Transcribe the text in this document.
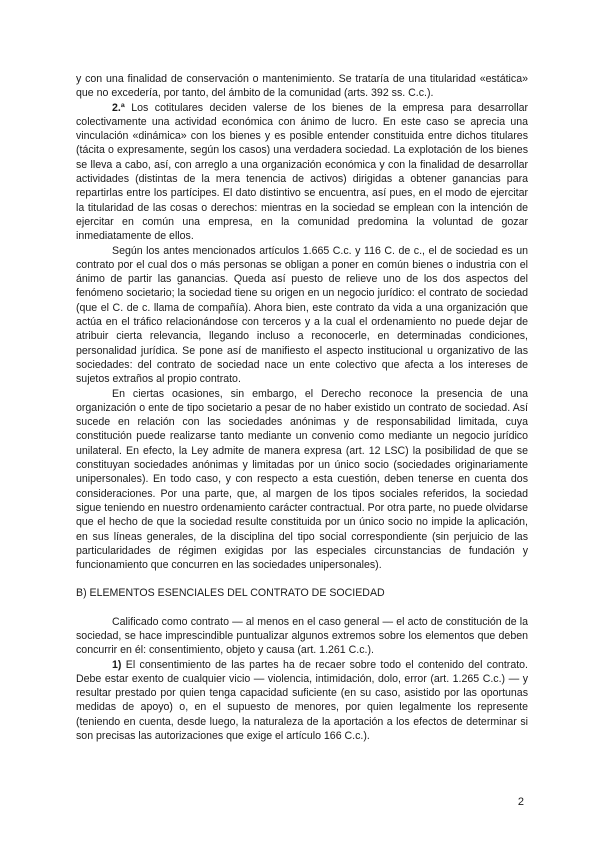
y con una finalidad de conservación o mantenimiento. Se trataría de una titularidad «estática» que no excedería, por tanto, del ámbito de la comunidad (arts. 392 ss. C.c.).

2.ª Los cotitulares deciden valerse de los bienes de la empresa para desarrollar colectivamente una actividad económica con ánimo de lucro. En este caso se aprecia una vinculación «dinámica» con los bienes y es posible entender constituida entre dichos titulares (tácita o expresamente, según los casos) una verdadera sociedad. La explotación de los bienes se lleva a cabo, así, con arreglo a una organización económica y con la finalidad de desarrollar actividades (distintas de la mera tenencia de activos) dirigidas a obtener ganancias para repartirlas entre los partícipes. El dato distintivo se encuentra, así pues, en el modo de ejercitar la titularidad de las cosas o derechos: mientras en la sociedad se emplean con la intención de ejercitar en común una empresa, en la comunidad predomina la voluntad de gozar inmediatamente de ellos.

Según los antes mencionados artículos 1.665 C.c. y 116 C. de c., el de sociedad es un contrato por el cual dos o más personas se obligan a poner en común bienes o industria con el ánimo de partir las ganancias. Queda así puesto de relieve uno de los dos aspectos del fenómeno societario; la sociedad tiene su origen en un negocio jurídico: el contrato de sociedad (que el C. de c. llama de compañía). Ahora bien, este contrato da vida a una organización que actúa en el tráfico relacionándose con terceros y a la cual el ordenamiento no puede dejar de atribuir cierta relevancia, llegando incluso a reconocerle, en determinadas condiciones, personalidad jurídica. Se pone así de manifiesto el aspecto institucional u organizativo de las sociedades: del contrato de sociedad nace un ente colectivo que afecta a los intereses de sujetos extraños al propio contrato.

En ciertas ocasiones, sin embargo, el Derecho reconoce la presencia de una organización o ente de tipo societario a pesar de no haber existido un contrato de sociedad. Así sucede en relación con las sociedades anónimas y de responsabilidad limitada, cuya constitución puede realizarse tanto mediante un convenio como mediante un negocio jurídico unilateral. En efecto, la Ley admite de manera expresa (art. 12 LSC) la posibilidad de que se constituyan sociedades anónimas y limitadas por un único socio (sociedades originariamente unipersonales). En todo caso, y con respecto a esta cuestión, deben tenerse en cuenta dos consideraciones. Por una parte, que, al margen de los tipos sociales referidos, la sociedad sigue teniendo en nuestro ordenamiento carácter contractual. Por otra parte, no puede olvidarse que el hecho de que la sociedad resulte constituida por un único socio no impide la aplicación, en sus líneas generales, de la disciplina del tipo social correspondiente (sin perjuicio de las particularidades de régimen exigidas por las especiales circunstancias de fundación y funcionamiento que concurren en las sociedades unipersonales).

B) ELEMENTOS ESENCIALES DEL CONTRATO DE SOCIEDAD

Calificado como contrato — al menos en el caso general — el acto de constitución de la sociedad, se hace imprescindible puntualizar algunos extremos sobre los elementos que deben concurrir en él: consentimiento, objeto y causa (art. 1.261 C.c.).

1) El consentimiento de las partes ha de recaer sobre todo el contenido del contrato. Debe estar exento de cualquier vicio — violencia, intimidación, dolo, error (art. 1.265 C.c.) — y resultar prestado por quien tenga capacidad suficiente (en su caso, asistido por las oportunas medidas de apoyo) o, en el supuesto de menores, por quien legalmente los represente (teniendo en cuenta, desde luego, la naturaleza de la aportación a los efectos de determinar si son precisas las autorizaciones que exige el artículo 166 C.c.).

2
